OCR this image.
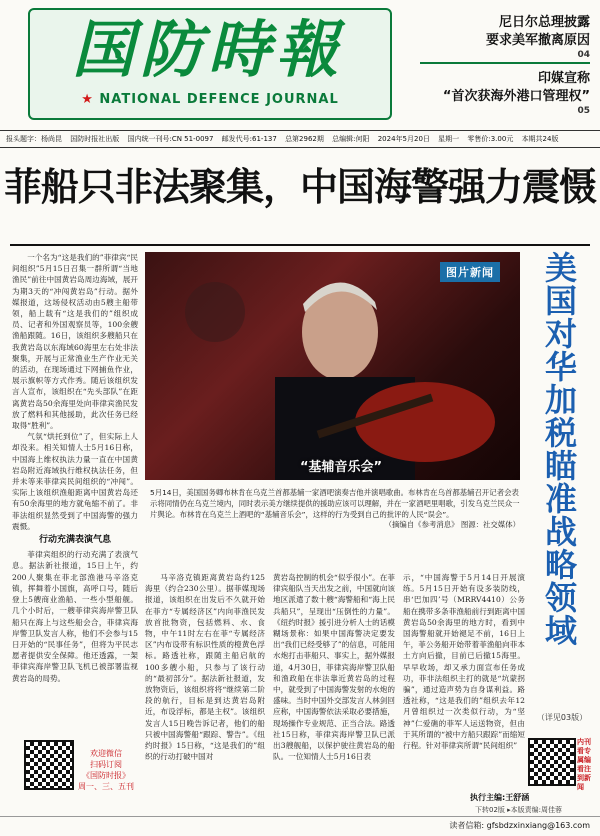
国防時報
★ NATIONAL DEFENCE JOURNAL
尼日尔总理披露
要求美军撤离原因
04
印媒宣称
“首次获海外港口管理权”
05
报头题字：杨尚昆 国防时报社出版 国内统一刊号:CN 51-0097 邮发代号:61-137 总第2962期 总编辑:何阳 2024年5月20日 星期一 零售价:3.00元 本期共24版
菲船只非法聚集，中国海警强力震慑

一个名为“这是我们的”菲律宾“民间组织”5月15日召集一群所谓“当地渔民”前往中国黄岩岛周边海域，展开为期3天的“冲闯黄岩岛”行动。据外媒报道，这场侵权活动由5艘主船带领，船上载有“这是我们的”组织成员、记者和外国观察员等，100余艘渔船跟随。16日，该组织多艘船只在我黄岩岛以东海域60海里左右处非法聚集，开展与正常渔业生产作业无关的活动，在现场通过下网捕鱼作业，展示旗帜等方式作秀。随后该组织发言人宣布，该组织在“先头部队”在距离黄岩岛50余海里处向菲律宾渔民发放了燃料和其他援助，此次任务已经取得“胜利”。

气氛“烘托到位”了，但实际上人却没来。相关知情人士5月16日称，中国海上维权执法力量一直在中国黄岩岛附近海域执行维权执法任务，但并未等来菲律宾民间组织的“冲闯”。实际上该组织渔船距离中国黄岩岛还有50余海里的地方就龟缩不前了。非菲法组织显然受到了中国海警的强力震慑。

行动充满表演气息

菲律宾组织的行动充满了表演气息。据法新社报道，15日上午，约200人聚集在菲北部渔港马辛洛克镇，挥舞着小国旗，高呼口号，随后登上5艘商业渔船、一些小型船舰。几个小时后，一艘菲律宾海岸警卫队船只在海上与这些船会合，菲律宾海岸警卫队发言人称，他们不会参与15日开始的“民事任务”，但将为平民志愿者提供安全保障。他还透露，一架菲律宾海岸警卫队飞机已被部署监视黄岩岛的局势。

图片新闻
“基辅音乐会”
5月14日，美国国务卿布林肯在乌克兰首都基辅一家酒吧演奏吉他并演唱歌曲。布林肯在乌首都基辅召开记者会表示将同情仍在乌克兰境内，同时表示美方继续提供的援助应该可以理解，并在一家酒吧里唱歌，引发乌克兰民众一片舆论。布林肯在乌克兰上酒吧的“基辅音乐会”，这样的行为受到自己的批评的人民“误会”。
（摘编自《参考消息》 图源：社交媒体）

马辛洛克镇距离黄岩岛约125海里（约合230公里）。据菲媒现场报道，该组织在出发后不久就开始在菲方“专属经济区”内向菲渔民发放首批物资，包括燃料、水、食物，中午11时左右在菲“专属经济区”内布设带有标识性质的橙黄色浮标。路透社称，跟随主船启航的100多艘小船，只参与了该行动的“最初部分”。据法新社报道，发放物资后，该组织将将“继续第二阶段的航行，目标是到达黄岩岛附近，布设浮标，都是主权”。该组织发言人15日晚告诉记者，他们的船只被中国海警船“跟踪、警告”。《纽约时报》15日称，“这是我们的”组织的行动打破中国对

黄岩岛控制的机会“似乎很小”。在菲律宾船队当天出发之前，中国就向该地区派遣了数十艘“海警船和“海上民兵船只”，呈现出“压倒性的力量”。《纽约时报》援引进分析人士的话模糊场景称：如果中国海警决定要发出“我们已经受够了”的信息，可能用水炮打击菲船只、事实上，据外媒报道，4月30日，菲律宾海岸警卫队船和渔政船在非法靠近黄岩岛的过程中，就受到了中国海警发射的水炮的盛味。当时中国外交部发言人林剑回应称，中国海警依法采取必要措施，现场操作专业规范、正当合法。路透社15日称，菲律宾海岸警卫队已派出3艘舰船，以保护驶往黄岩岛的船队。一位知情人士5月16日表

示，“中国海警于5月14日开展演练。5月15日开始有设多装防线，串‘巴加四’号（MRRV4410）公务船在携带多条菲渔船前行到距离中国黄岩岛50余海里的地方时，看到中国海警船就开始褪足不前，16日上午，菲公务船开始带着菲渔船向菲本土方向后撤，目前已后撤15海里。早早收场，却又承力面宣布任务成功，菲非法组织主打的就是“坑蒙拐骗”，通过造声势为自身谋利益。路透社称，“这是我们的”组织去年12月曾组织过一次类似行动，为“坚神”仁爱礁的菲军人运送物资，但由于其所谓的“被中方船只跟踪”而缩短行程。针对菲律宾所谓“民间组织”

美国对华加税瞄准战略领域
（详见03版）
欢迎微信
扫码订阅
《国防时报》
周一、三、五刊
内刊看专属编看注到新闻
执行主编:王舒涵
下转02版 ▸本版责编:周佳蓉
读者信箱: gfsbdzxinxiang@163.com
